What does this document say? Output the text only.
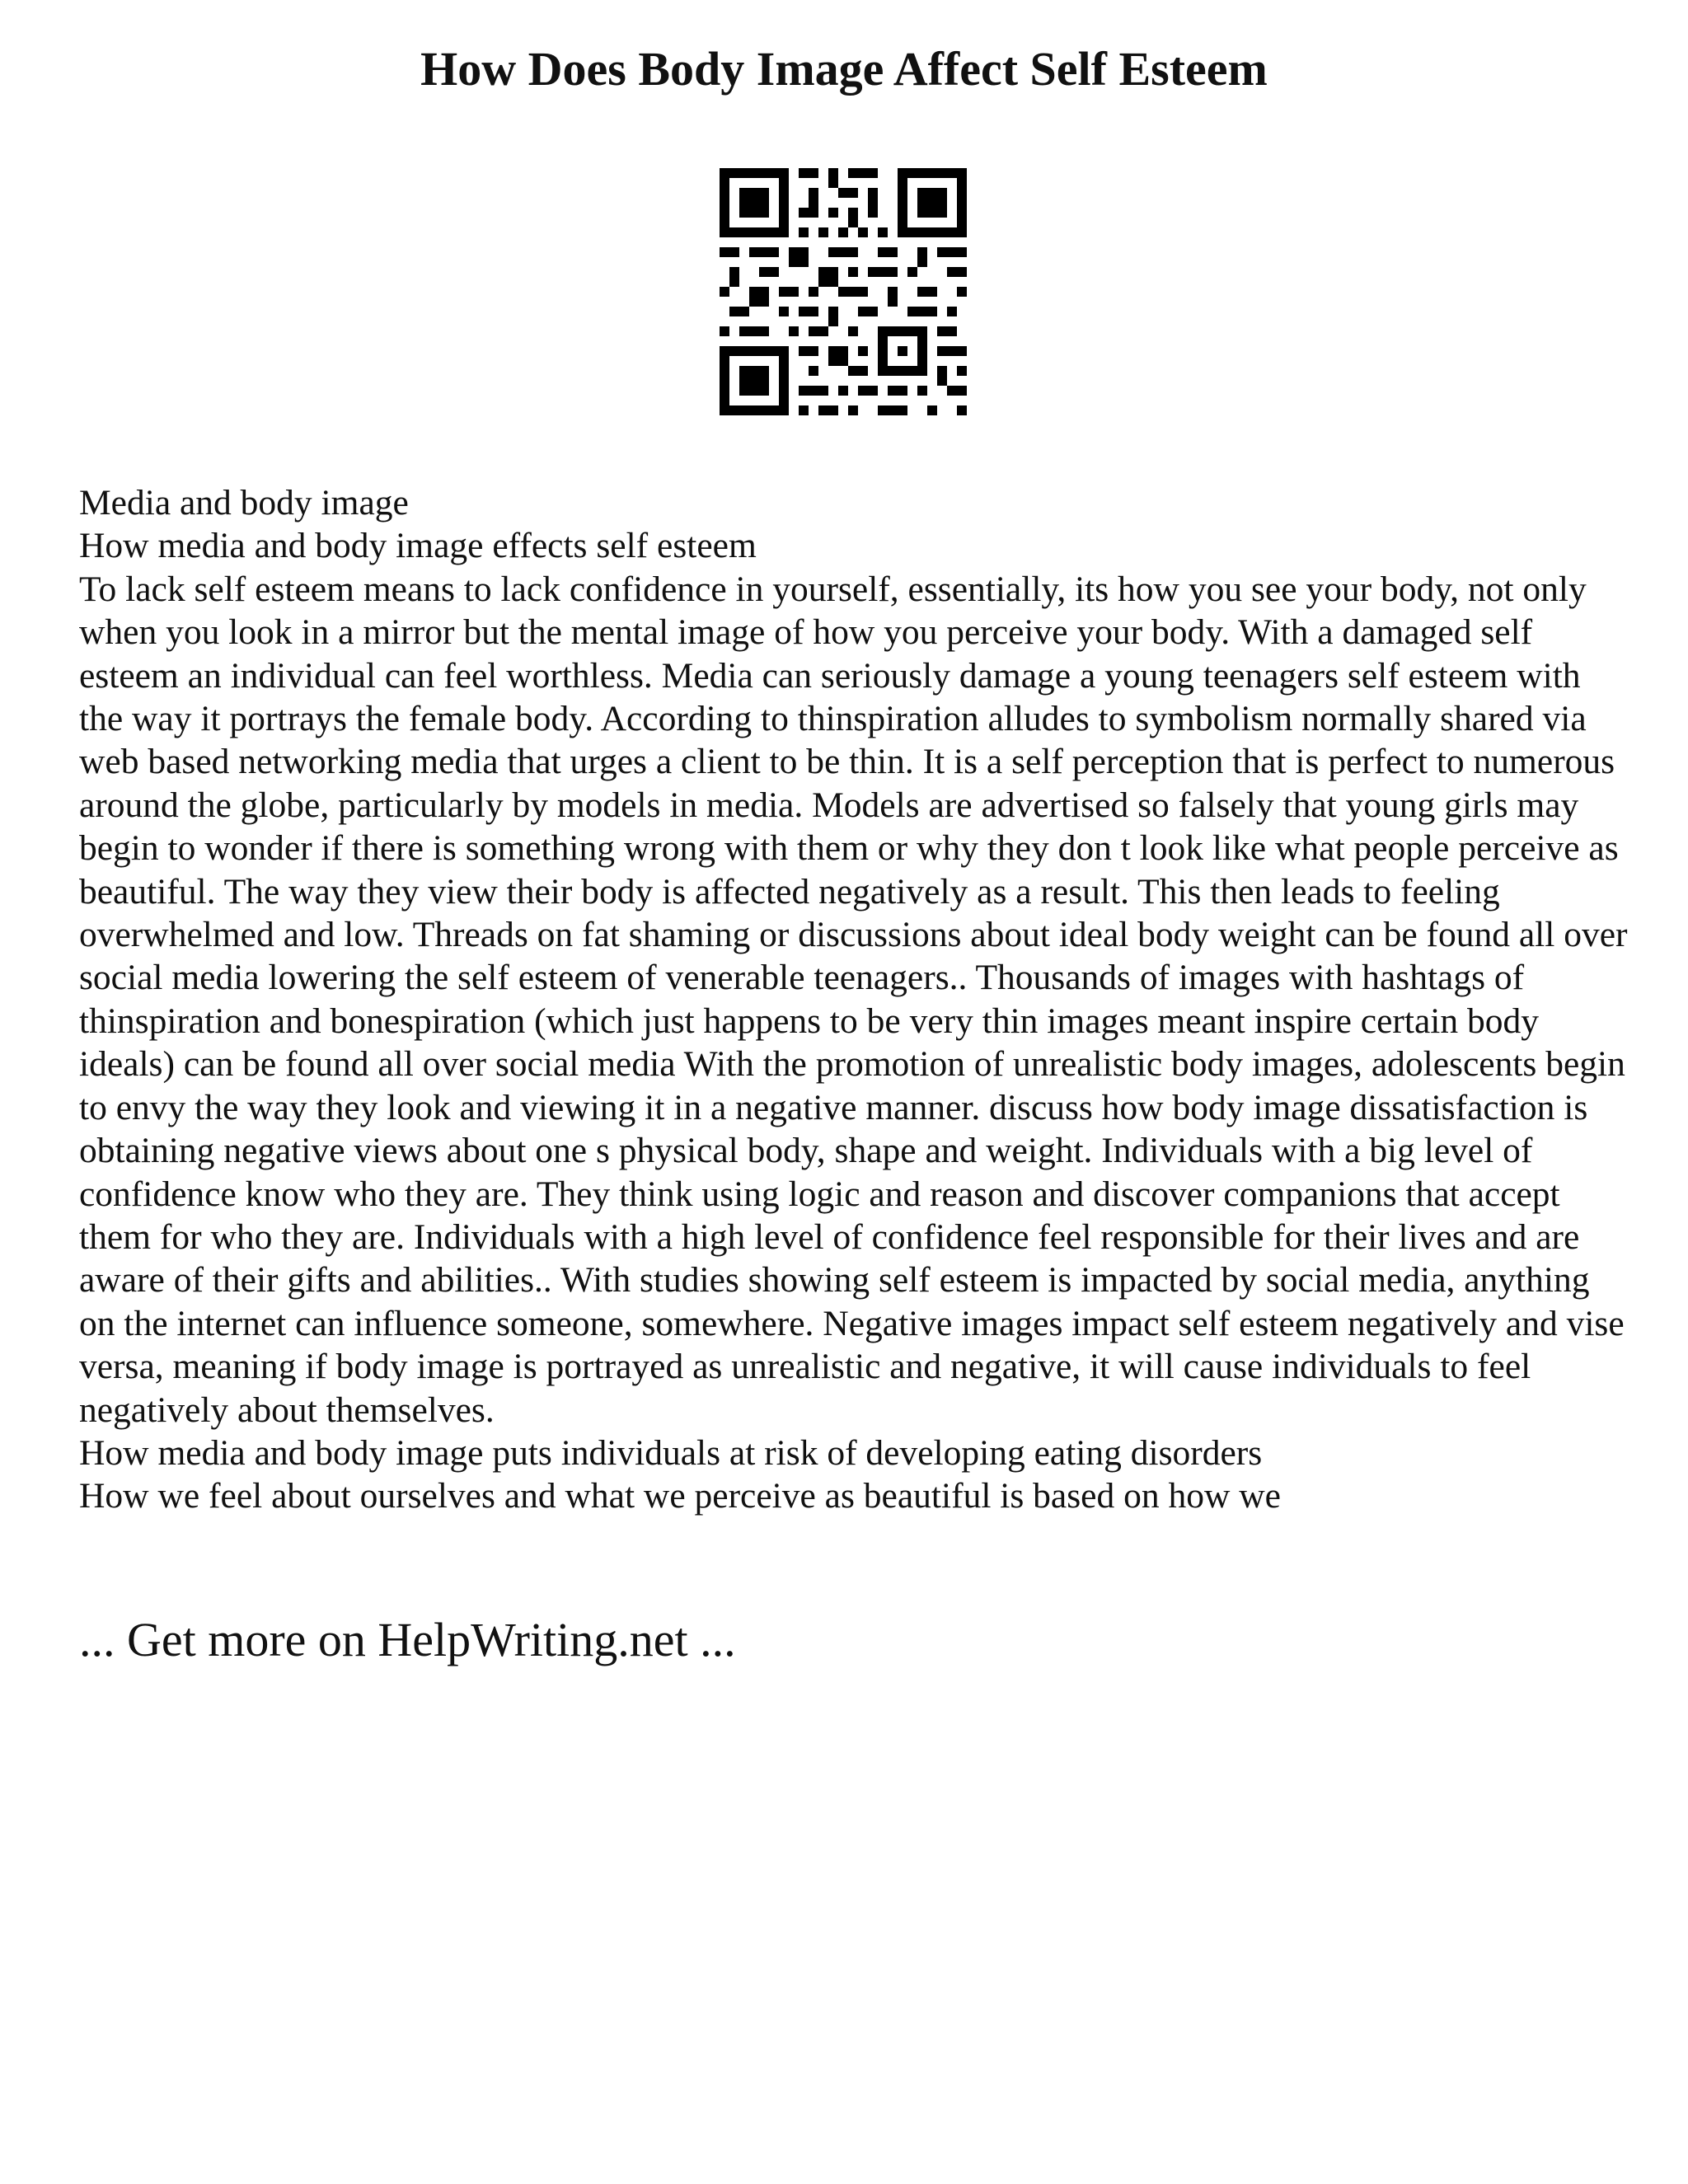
How Does Body Image Affect Self Esteem
Media and body image
How media and body image effects self esteem
To lack self esteem means to lack confidence in yourself, essentially, its how you see your body, not only when you look in a mirror but the mental image of how you perceive your body. With a damaged self esteem an individual can feel worthless. Media can seriously damage a young teenagers self esteem with the way it portrays the female body. According to thinspiration alludes to symbolism normally shared via web based networking media that urges a client to be thin. It is a self perception that is perfect to numerous around the globe, particularly by models in media. Models are advertised so falsely that young girls may begin to wonder if there is something wrong with them or why they don t look like what people perceive as beautiful. The way they view their body is affected negatively as a result. This then leads to feeling overwhelmed and low. Threads on fat shaming or discussions about ideal body weight can be found all over social media lowering the self esteem of venerable teenagers.. Thousands of images with hashtags of thinspiration and bonespiration (which just happens to be very thin images meant inspire certain body ideals) can be found all over social media With the promotion of unrealistic body images, adolescents begin to envy the way they look and viewing it in a negative manner. discuss how body image dissatisfaction is obtaining negative views about one s physical body, shape and weight. Individuals with a big level of confidence know who they are. They think using logic and reason and discover companions that accept them for who they are. Individuals with a high level of confidence feel responsible for their lives and are aware of their gifts and abilities.. With studies showing self esteem is impacted by social media, anything on the internet can influence someone, somewhere. Negative images impact self esteem negatively and vise versa, meaning if body image is portrayed as unrealistic and negative, it will cause individuals to feel negatively about themselves.
How media and body image puts individuals at risk of developing eating disorders
How we feel about ourselves and what we perceive as beautiful is based on how we
... Get more on HelpWriting.net ...
